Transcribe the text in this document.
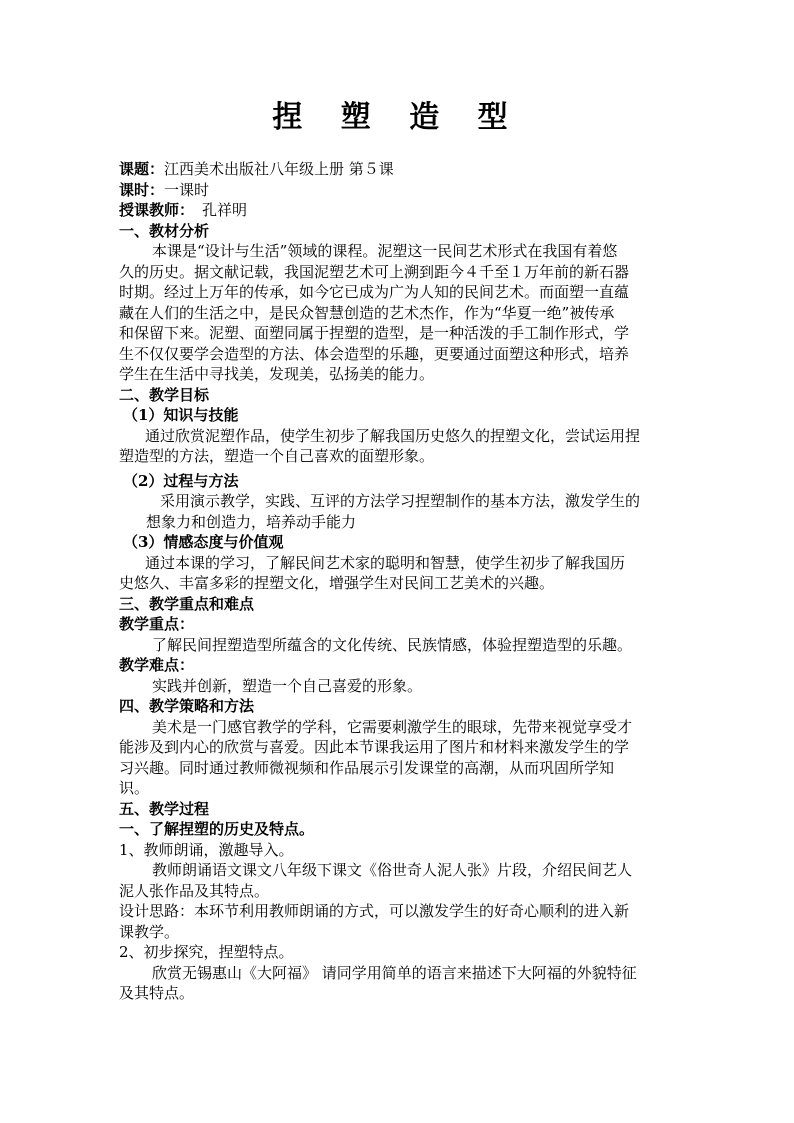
捏 塑 造 型
课题：江西美术出版社八年级上册 第５课
课时：一课时
授课教师： 孔祥明
一、教材分析
本课是“设计与生活”领域的课程。泥塑这一民间艺术形式在我国有着悠
久的历史。据文献记载，我国泥塑艺术可上溯到距今４千至１万年前的新石器
时期。经过上万年的传承，如今它已成为广为人知的民间艺术。而面塑一直蕴
藏在人们的生活之中，是民众智慧创造的艺术杰作，作为“华夏一绝”被传承
和保留下来。泥塑、面塑同属于捏塑的造型，是一种活泼的手工制作形式，学
生不仅仅要学会造型的方法、体会造型的乐趣，更要通过面塑这种形式，培养
学生在生活中寻找美，发现美，弘扬美的能力。
二、教学目标
（1）知识与技能
通过欣赏泥塑作品，使学生初步了解我国历史悠久的捏塑文化，尝试运用捏
塑造型的方法，塑造一个自己喜欢的面塑形象。
（2）过程与方法
采用演示教学，实践、互评的方法学习捏塑制作的基本方法，激发学生的
想象力和创造力，培养动手能力
（3）情感态度与价值观
通过本课的学习，了解民间艺术家的聪明和智慧，使学生初步了解我国历
史悠久、丰富多彩的捏塑文化，增强学生对民间工艺美术的兴趣。
三、教学重点和难点
教学重点：
了解民间捏塑造型所蕴含的文化传统、民族情感，体验捏塑造型的乐趣。
教学难点：
实践并创新，塑造一个自己喜爱的形象。
四、教学策略和方法
美术是一门感官教学的学科，它需要刺激学生的眼球，先带来视觉享受才
能涉及到内心的欣赏与喜爱。因此本节课我运用了图片和材料来激发学生的学
习兴趣。同时通过教师微视频和作品展示引发课堂的高潮，从而巩固所学知
识。
五、教学过程
一、了解捏塑的历史及特点。
1、教师朗诵，激趣导入。
教师朗诵语文课文八年级下课文《俗世奇人泥人张》片段，介绍民间艺人
泥人张作品及其特点。
设计思路：本环节利用教师朗诵的方式，可以激发学生的好奇心顺利的进入新
课教学。
2、初步探究，捏塑特点。
欣赏无锡惠山《大阿福》 请同学用简单的语言来描述下大阿福的外貌特征
及其特点。
